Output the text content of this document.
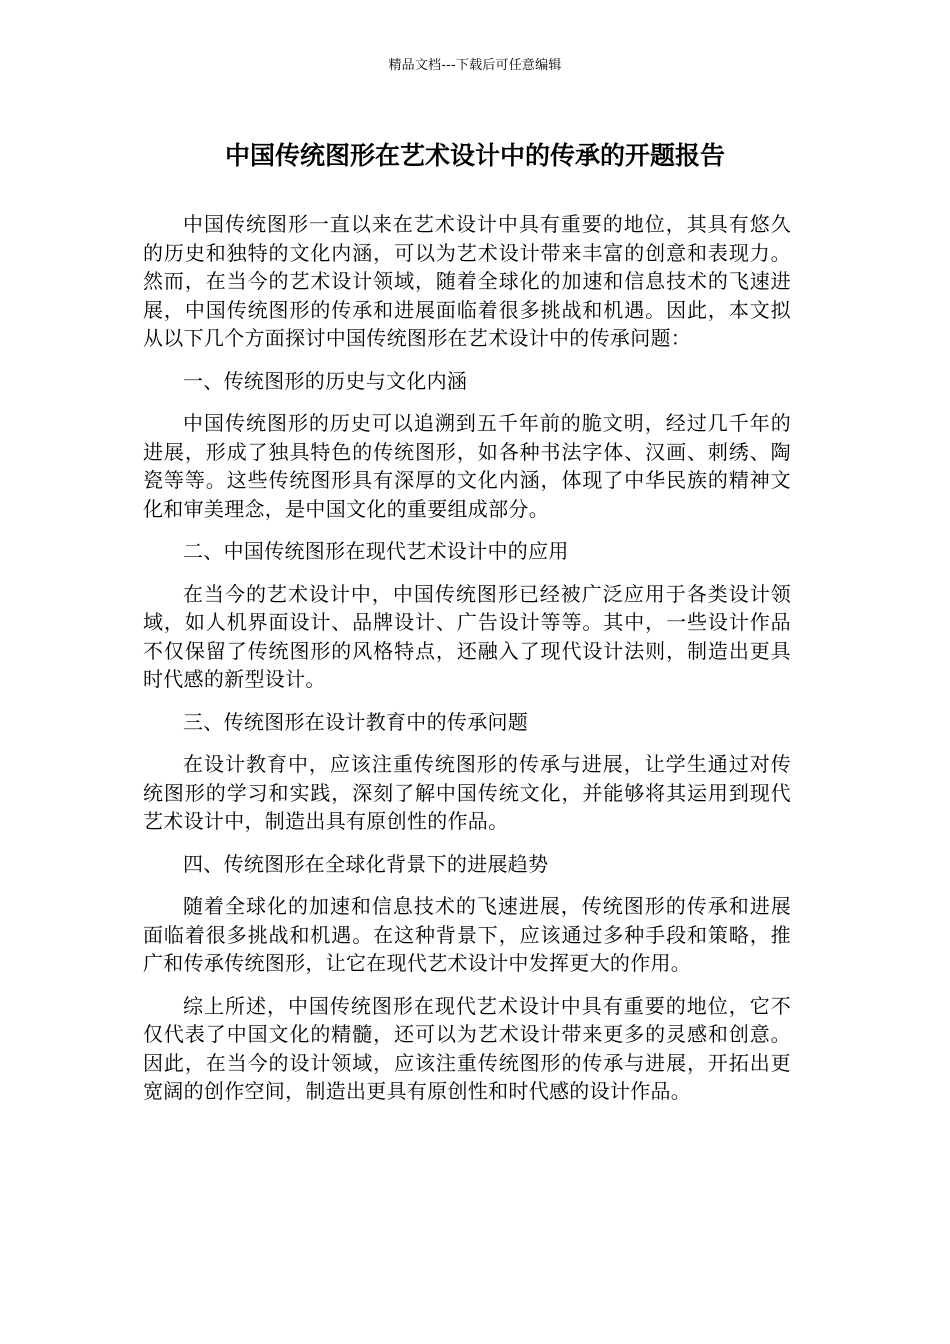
精品文档---下载后可任意编辑
中国传统图形在艺术设计中的传承的开题报告

中国传统图形一直以来在艺术设计中具有重要的地位，其具有悠久的历史和独特的文化内涵，可以为艺术设计带来丰富的创意和表现力。然而，在当今的艺术设计领域，随着全球化的加速和信息技术的飞速进展，中国传统图形的传承和进展面临着很多挑战和机遇。因此，本文拟从以下几个方面探讨中国传统图形在艺术设计中的传承问题：

一、传统图形的历史与文化内涵

中国传统图形的历史可以追溯到五千年前的脆文明，经过几千年的进展，形成了独具特色的传统图形，如各种书法字体、汉画、刺绣、陶瓷等等。这些传统图形具有深厚的文化内涵，体现了中华民族的精神文化和审美理念，是中国文化的重要组成部分。

二、中国传统图形在现代艺术设计中的应用

在当今的艺术设计中，中国传统图形已经被广泛应用于各类设计领域，如人机界面设计、品牌设计、广告设计等等。其中，一些设计作品不仅保留了传统图形的风格特点，还融入了现代设计法则，制造出更具时代感的新型设计。

三、传统图形在设计教育中的传承问题

在设计教育中，应该注重传统图形的传承与进展，让学生通过对传统图形的学习和实践，深刻了解中国传统文化，并能够将其运用到现代艺术设计中，制造出具有原创性的作品。

四、传统图形在全球化背景下的进展趋势

随着全球化的加速和信息技术的飞速进展，传统图形的传承和进展面临着很多挑战和机遇。在这种背景下，应该通过多种手段和策略，推广和传承传统图形，让它在现代艺术设计中发挥更大的作用。

综上所述，中国传统图形在现代艺术设计中具有重要的地位，它不仅代表了中国文化的精髓，还可以为艺术设计带来更多的灵感和创意。因此，在当今的设计领域，应该注重传统图形的传承与进展，开拓出更宽阔的创作空间，制造出更具有原创性和时代感的设计作品。
